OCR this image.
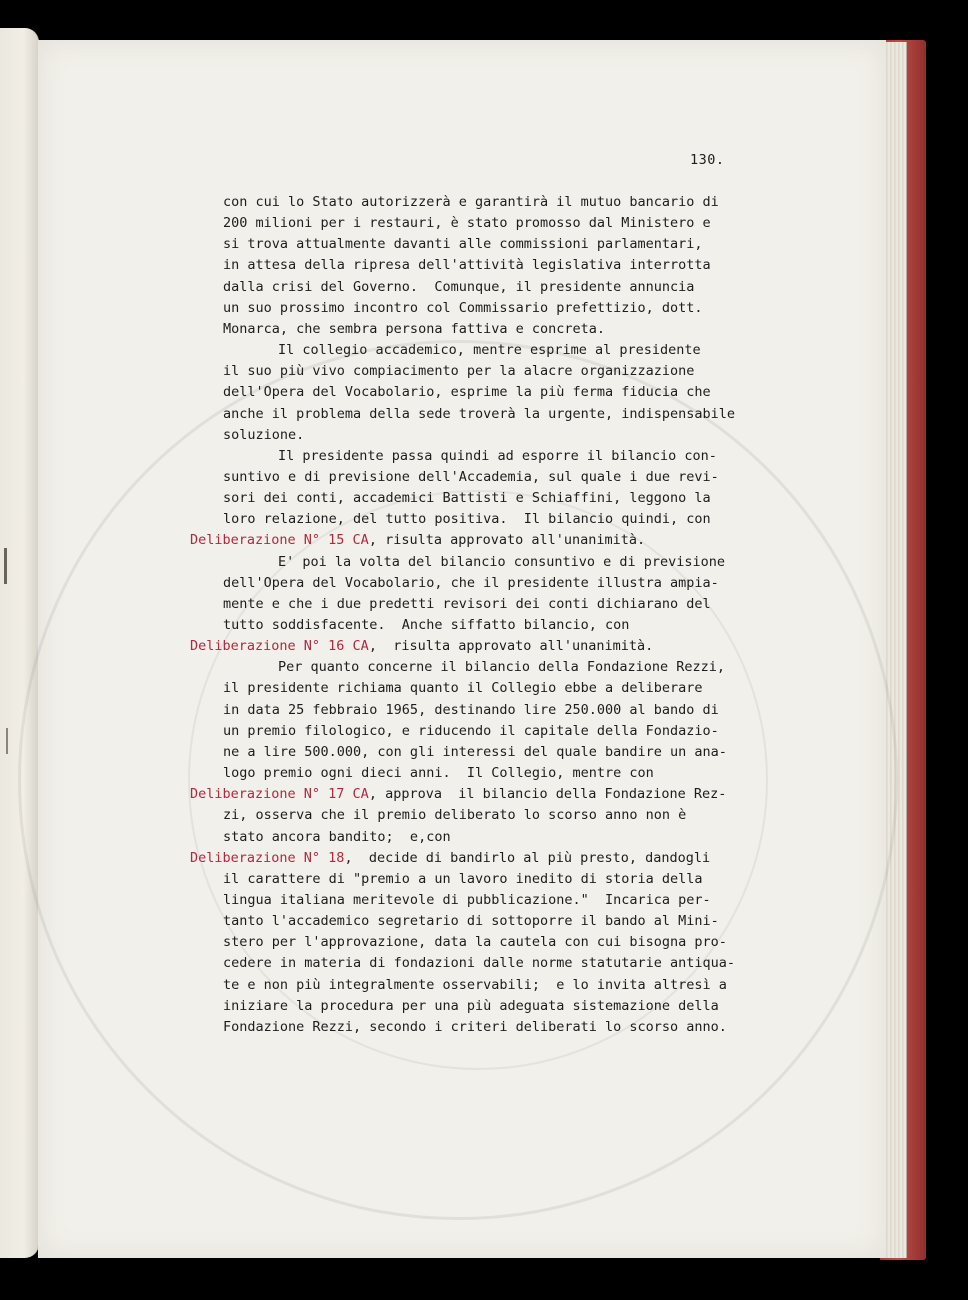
130.
con cui lo Stato autorizzerà e garantirà il mutuo bancario di
200 milioni per i restauri, è stato promosso dal Ministero e
si trova attualmente davanti alle commissioni parlamentari,
in attesa della ripresa dell'attività legislativa interrotta
dalla crisi del Governo.  Comunque, il presidente annuncia
un suo prossimo incontro col Commissario prefettizio, dott.
Monarca, che sembra persona fattiva e concreta.
Il collegio accademico, mentre esprime al presidente
il suo più vivo compiacimento per la alacre organizzazione
dell'Opera del Vocabolario, esprime la più ferma fiducia che
anche il problema della sede troverà la urgente, indispensabile
soluzione.
Il presidente passa quindi ad esporre il bilancio con-
suntivo e di previsione dell'Accademia, sul quale i due revi-
sori dei conti, accademici Battisti e Schiaffini, leggono la
loro relazione, del tutto positiva.  Il bilancio quindi, con
Deliberazione N° 15 CA, risulta approvato all'unanimità.
E' poi la volta del bilancio consuntivo e di previsione
dell'Opera del Vocabolario, che il presidente illustra ampia-
mente e che i due predetti revisori dei conti dichiarano del
tutto soddisfacente.  Anche siffatto bilancio, con
Deliberazione N° 16 CA,  risulta approvato all'unanimità.
Per quanto concerne il bilancio della Fondazione Rezzi,
il presidente richiama quanto il Collegio ebbe a deliberare
in data 25 febbraio 1965, destinando lire 250.000 al bando di
un premio filologico, e riducendo il capitale della Fondazio-
ne a lire 500.000, con gli interessi del quale bandire un ana-
logo premio ogni dieci anni.  Il Collegio, mentre con
Deliberazione N° 17 CA, approva  il bilancio della Fondazione Rez-
zi, osserva che il premio deliberato lo scorso anno non è
stato ancora bandito;  e,con
Deliberazione N° 18,  decide di bandirlo al più presto, dandogli
il carattere di "premio a un lavoro inedito di storia della
lingua italiana meritevole di pubblicazione."  Incarica per-
tanto l'accademico segretario di sottoporre il bando al Mini-
stero per l'approvazione, data la cautela con cui bisogna pro-
cedere in materia di fondazioni dalle norme statutarie antiqua-
te e non più integralmente osservabili;  e lo invita altresì a
iniziare la procedura per una più adeguata sistemazione della
Fondazione Rezzi, secondo i criteri deliberati lo scorso anno.
